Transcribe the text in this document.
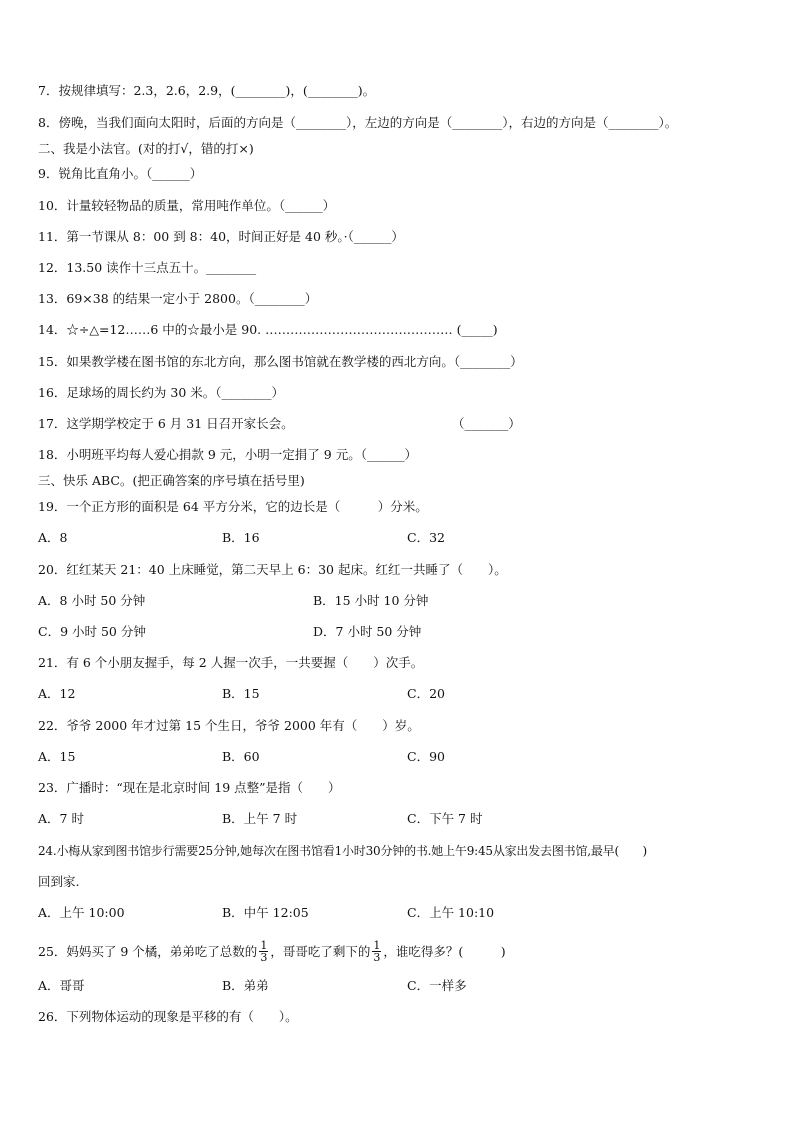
7．按规律填写：2.3，2.6，2.9，(________)，(________)。
8．傍晚，当我们面向太阳时，后面的方向是（________），左边的方向是（________），右边的方向是（________）。
二、我是小法官。(对的打√，错的打×)
9．锐角比直角小。（______）
10．计量较轻物品的质量，常用吨作单位。（______）
11．第一节课从 8：00 到 8：40，时间正好是 40 秒。·（______）
12．13.50 读作十三点五十。________
13．69×38 的结果一定小于 2800。（________）
14．☆÷△=12……6 中的☆最小是 90. ……………………………………… (_____)
15．如果教学楼在图书馆的东北方向，那么图书馆就在教学楼的西北方向。（________）
16．足球场的周长约为 30 米。（________）
17．这学期学校定于 6 月 31 日召开家长会。	（_______）
18．小明班平均每人爱心捐款 9 元，小明一定捐了 9 元。（______）
三、快乐 ABC。(把正确答案的序号填在括号里)
19．一个正方形的面积是 64 平方分米，它的边长是（　　　）分米。
A．8	B．16	C．32
20．红红某天 21：40 上床睡觉，第二天早上 6：30 起床。红红一共睡了（　　）。
A．8 小时 50 分钟	B．15 小时 10 分钟
C．9 小时 50 分钟	D．7 小时 50 分钟
21．有 6 个小朋友握手，每 2 人握一次手，一共要握（　　）次手。
A．12	B．15	C．20
22．爷爷 2000 年才过第 15 个生日，爷爷 2000 年有（　　）岁。
A．15	B．60	C．90
23．广播时：“现在是北京时间 19 点整”是指（　　）
A．7 时	B．上午 7 时	C．下午 7 时
24.小梅从家到图书馆步行需要25分钟,她每次在图书馆看1小时30分钟的书.她上午9:45从家出发去图书馆,最早(　　)
回到家.
A．上午 10:00	B．中午 12:05	C．上午 10:10
25．妈妈买了 9 个橘，弟弟吃了总数的 $\frac{1}{3}$ ，哥哥吃了剩下的 $\frac{1}{3}$ ，谁吃得多？(　　　)
A．哥哥	B．弟弟	C．一样多
26．下列物体运动的现象是平移的有（　　）。
